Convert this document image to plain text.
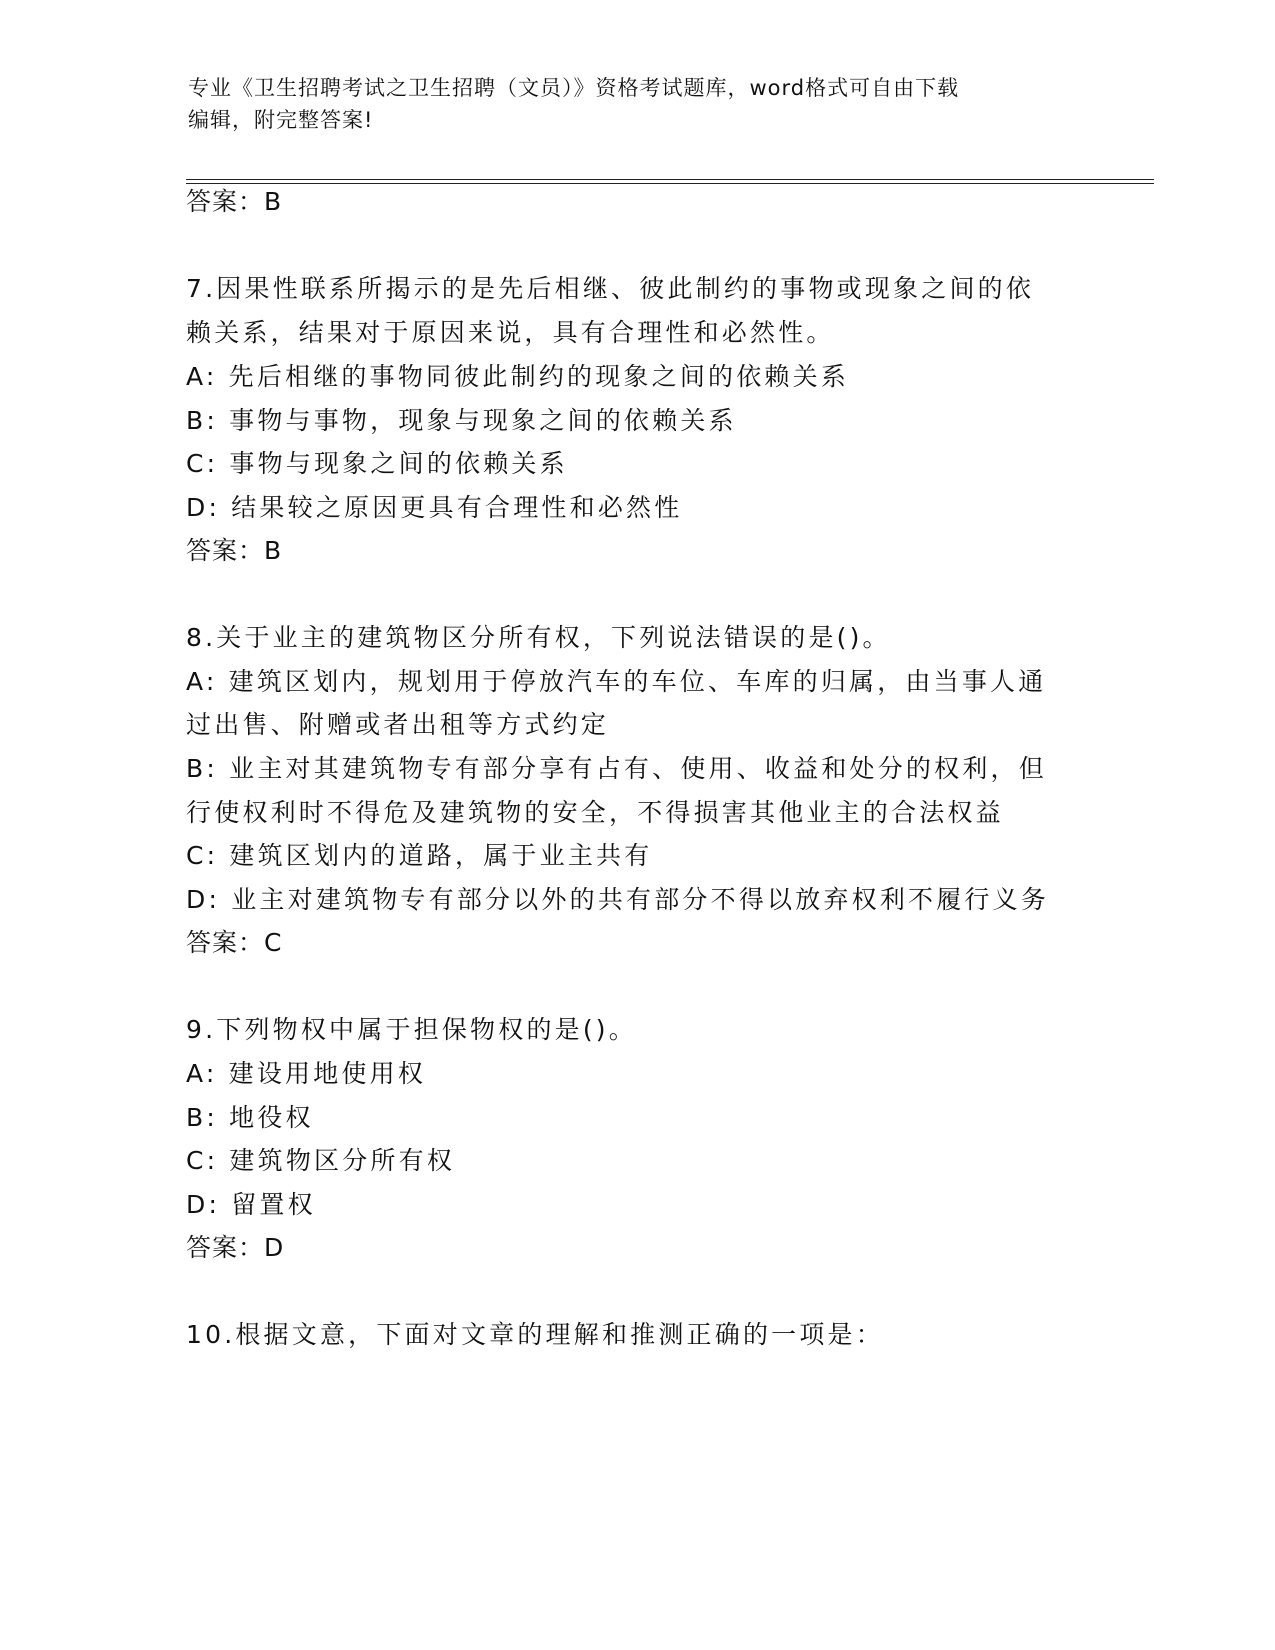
专业《卫生招聘考试之卫生招聘（文员）》资格考试题库，word格式可自由下载
编辑，附完整答案!
答案：B
7.因果性联系所揭示的是先后相继、彼此制约的事物或现象之间的依
赖关系，结果对于原因来说，具有合理性和必然性。
A: 先后相继的事物同彼此制约的现象之间的依赖关系
B: 事物与事物，现象与现象之间的依赖关系
C: 事物与现象之间的依赖关系
D: 结果较之原因更具有合理性和必然性
答案：B
8.关于业主的建筑物区分所有权，下列说法错误的是()。
A: 建筑区划内，规划用于停放汽车的车位、车库的归属，由当事人通
过出售、附赠或者出租等方式约定
B: 业主对其建筑物专有部分享有占有、使用、收益和处分的权利，但
行使权利时不得危及建筑物的安全，不得损害其他业主的合法权益
C: 建筑区划内的道路，属于业主共有
D: 业主对建筑物专有部分以外的共有部分不得以放弃权利不履行义务
答案：C
9.下列物权中属于担保物权的是()。
A: 建设用地使用权
B: 地役权
C: 建筑物区分所有权
D: 留置权
答案：D
10.根据文意，下面对文章的理解和推测正确的一项是：
